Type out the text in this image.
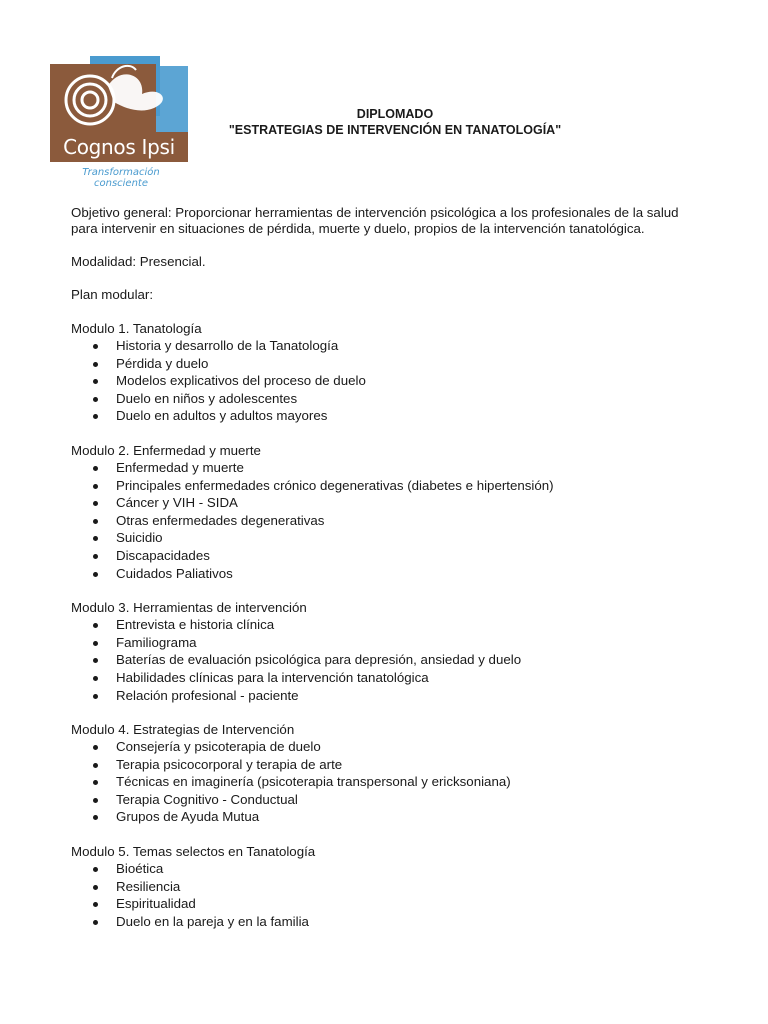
Cognos Ipsi
Transformación consciente
DIPLOMADO
"ESTRATEGIAS DE INTERVENCIÓN EN TANATOLOGÍA"

Objetivo general: Proporcionar herramientas de intervención psicológica a los profesionales de la salud para intervenir en situaciones de pérdida, muerte y duelo, propios de la intervención tanatológica.

Modalidad: Presencial.

Plan modular:

Modulo 1. Tanatología
Historia y desarrollo de la Tanatología
Pérdida y duelo
Modelos explicativos del proceso de duelo
Duelo en niños y adolescentes
Duelo en adultos y adultos mayores
Modulo 2. Enfermedad y muerte
Enfermedad y muerte
Principales enfermedades crónico degenerativas (diabetes e hipertensión)
Cáncer y VIH - SIDA
Otras enfermedades degenerativas
Suicidio
Discapacidades
Cuidados Paliativos
Modulo 3. Herramientas de intervención
Entrevista e historia clínica
Familiograma
Baterías de evaluación psicológica para depresión, ansiedad y duelo
Habilidades clínicas para la intervención tanatológica
Relación profesional - paciente
Modulo 4. Estrategias de Intervención
Consejería y psicoterapia de duelo
Terapia psicocorporal y terapia de arte
Técnicas en imaginería (psicoterapia transpersonal y ericksoniana)
Terapia Cognitivo - Conductual
Grupos de Ayuda Mutua
Modulo 5. Temas selectos en Tanatología
Bioética
Resiliencia
Espiritualidad
Duelo en la pareja y en la familia
